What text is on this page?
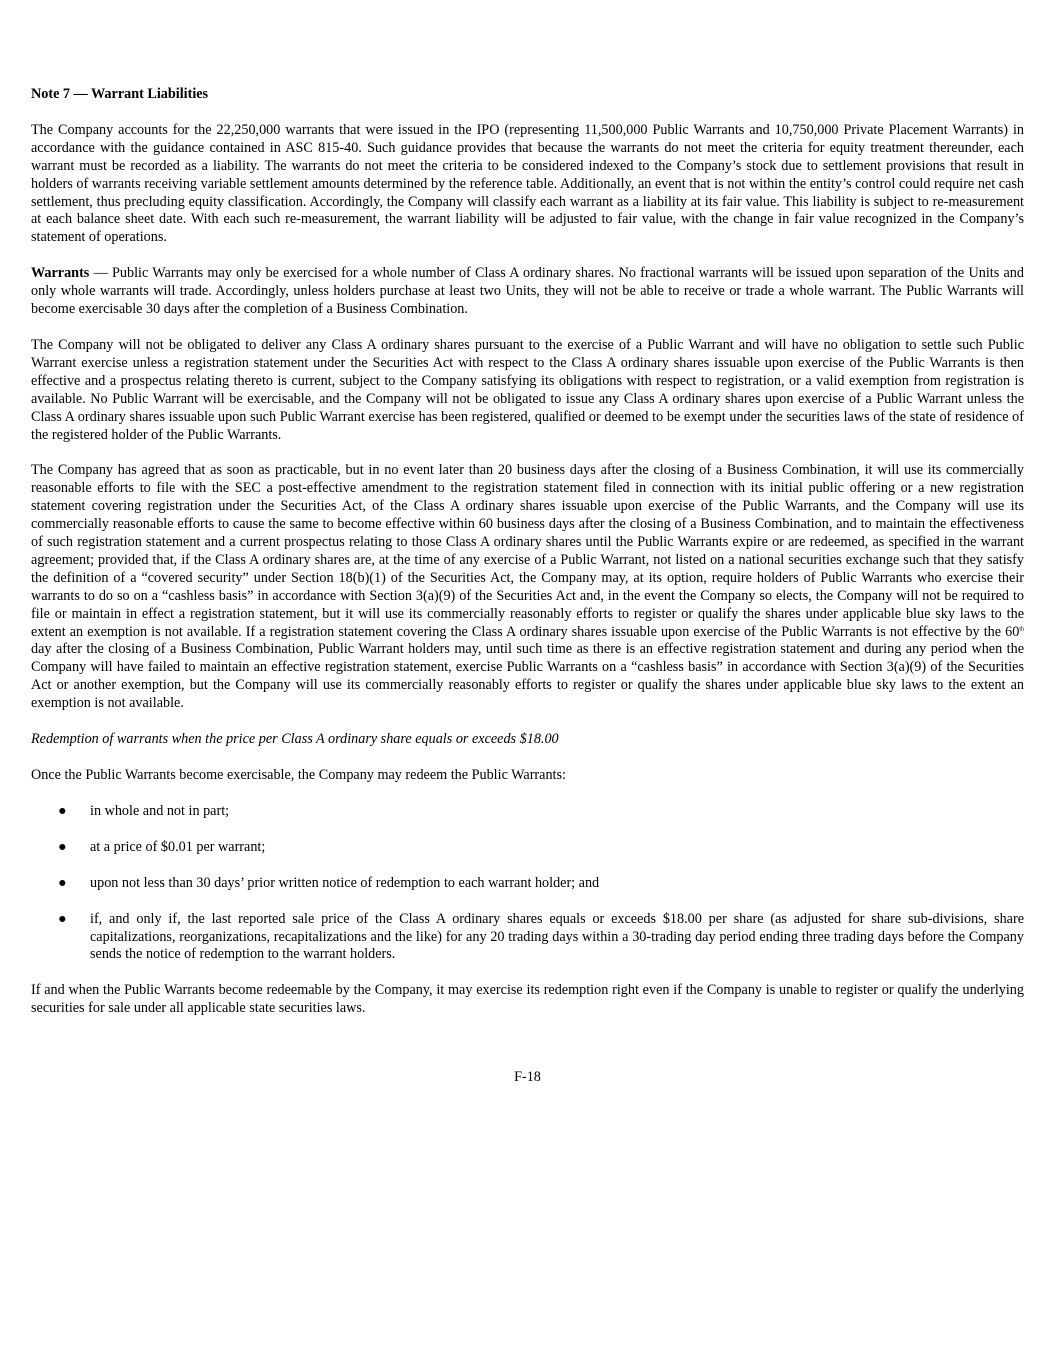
Note 7 — Warrant Liabilities

The Company accounts for the 22,250,000 warrants that were issued in the IPO (representing 11,500,000 Public Warrants and 10,750,000 Private Placement Warrants) in accordance with the guidance contained in ASC 815-40. Such guidance provides that because the warrants do not meet the criteria for equity treatment thereunder, each warrant must be recorded as a liability. The warrants do not meet the criteria to be considered indexed to the Company’s stock due to settlement provisions that result in holders of warrants receiving variable settlement amounts determined by the reference table. Additionally, an event that is not within the entity’s control could require net cash settlement, thus precluding equity classification. Accordingly, the Company will classify each warrant as a liability at its fair value. This liability is subject to re-measurement at each balance sheet date. With each such re-measurement, the warrant liability will be adjusted to fair value, with the change in fair value recognized in the Company’s statement of operations.

Warrants — Public Warrants may only be exercised for a whole number of Class A ordinary shares. No fractional warrants will be issued upon separation of the Units and only whole warrants will trade. Accordingly, unless holders purchase at least two Units, they will not be able to receive or trade a whole warrant. The Public Warrants will become exercisable 30 days after the completion of a Business Combination.

The Company will not be obligated to deliver any Class A ordinary shares pursuant to the exercise of a Public Warrant and will have no obligation to settle such Public Warrant exercise unless a registration statement under the Securities Act with respect to the Class A ordinary shares issuable upon exercise of the Public Warrants is then effective and a prospectus relating thereto is current, subject to the Company satisfying its obligations with respect to registration, or a valid exemption from registration is available. No Public Warrant will be exercisable, and the Company will not be obligated to issue any Class A ordinary shares upon exercise of a Public Warrant unless the Class A ordinary shares issuable upon such Public Warrant exercise has been registered, qualified or deemed to be exempt under the securities laws of the state of residence of the registered holder of the Public Warrants.

The Company has agreed that as soon as practicable, but in no event later than 20 business days after the closing of a Business Combination, it will use its commercially reasonable efforts to file with the SEC a post-effective amendment to the registration statement filed in connection with its initial public offering or a new registration statement covering registration under the Securities Act, of the Class A ordinary shares issuable upon exercise of the Public Warrants, and the Company will use its commercially reasonable efforts to cause the same to become effective within 60 business days after the closing of a Business Combination, and to maintain the effectiveness of such registration statement and a current prospectus relating to those Class A ordinary shares until the Public Warrants expire or are redeemed, as specified in the warrant agreement; provided that, if the Class A ordinary shares are, at the time of any exercise of a Public Warrant, not listed on a national securities exchange such that they satisfy the definition of a “covered security” under Section 18(b)(1) of the Securities Act, the Company may, at its option, require holders of Public Warrants who exercise their warrants to do so on a “cashless basis” in accordance with Section 3(a)(9) of the Securities Act and, in the event the Company so elects, the Company will not be required to file or maintain in effect a registration statement, but it will use its commercially reasonably efforts to register or qualify the shares under applicable blue sky laws to the extent an exemption is not available. If a registration statement covering the Class A ordinary shares issuable upon exercise of the Public Warrants is not effective by the 60th day after the closing of a Business Combination, Public Warrant holders may, until such time as there is an effective registration statement and during any period when the Company will have failed to maintain an effective registration statement, exercise Public Warrants on a “cashless basis” in accordance with Section 3(a)(9) of the Securities Act or another exemption, but the Company will use its commercially reasonably efforts to register or qualify the shares under applicable blue sky laws to the extent an exemption is not available.

Redemption of warrants when the price per Class A ordinary share equals or exceeds $18.00

Once the Public Warrants become exercisable, the Company may redeem the Public Warrants:

● in whole and not in part;
● at a price of $0.01 per warrant;
● upon not less than 30 days’ prior written notice of redemption to each warrant holder; and
● if, and only if, the last reported sale price of the Class A ordinary shares equals or exceeds $18.00 per share (as adjusted for share sub-divisions, share capitalizations, reorganizations, recapitalizations and the like) for any 20 trading days within a 30-trading day period ending three trading days before the Company sends the notice of redemption to the warrant holders.

If and when the Public Warrants become redeemable by the Company, it may exercise its redemption right even if the Company is unable to register or qualify the underlying securities for sale under all applicable state securities laws.

F-18
